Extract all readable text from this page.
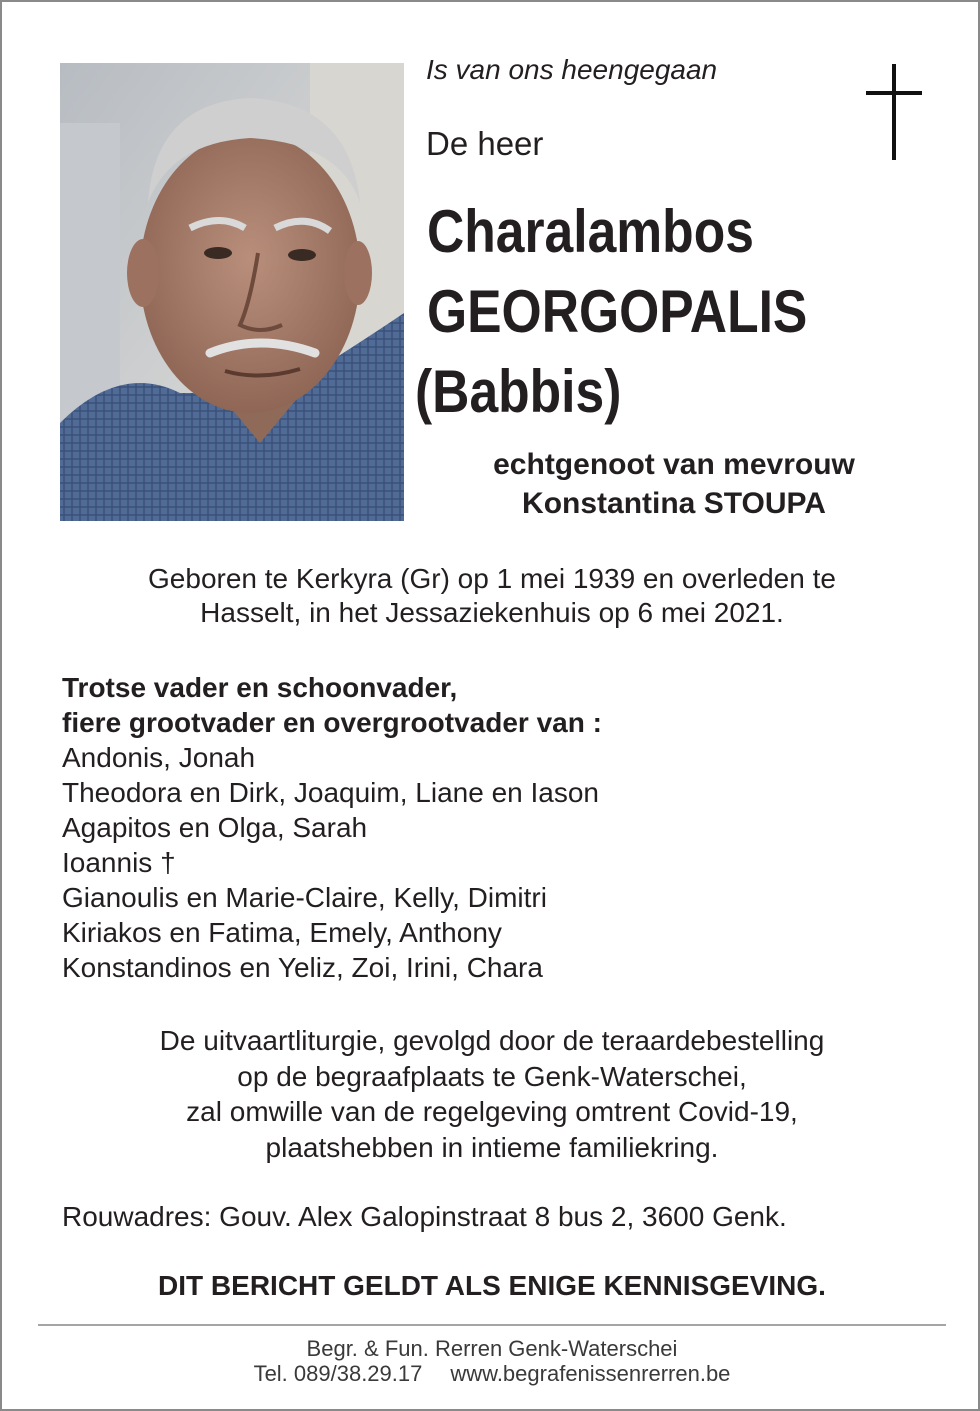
Is van ons heengegaan

De heer

Charalambos

GEORGOPALIS

(Babbis)

echtgenoot van mevrouw

Konstantina STOUPA

Geboren te Kerkyra (Gr) op 1 mei 1939 en overleden te
Hasselt, in het Jessaziekenhuis op 6 mei 2021.

Trotse vader en schoonvader,
fiere grootvader en overgrootvader van :
Andonis, Jonah
Theodora en Dirk, Joaquim, Liane en Iason
Agapitos en Olga, Sarah
Ioannis †
Gianoulis en Marie-Claire, Kelly, Dimitri
Kiriakos en Fatima, Emely, Anthony
Konstandinos en Yeliz, Zoi, Irini, Chara

De uitvaartliturgie, gevolgd door de teraardebestelling
op de begraafplaats te Genk-Waterschei,
zal omwille van de regelgeving omtrent Covid-19,
plaatshebben in intieme familiekring.

Rouwadres: Gouv. Alex Galopinstraat 8 bus 2, 3600 Genk.

DIT BERICHT GELDT ALS ENIGE KENNISGEVING.

Begr. & Fun. Rerren Genk-Waterschei
Tel. 089/38.29.17 www.begrafenissenrerren.be
